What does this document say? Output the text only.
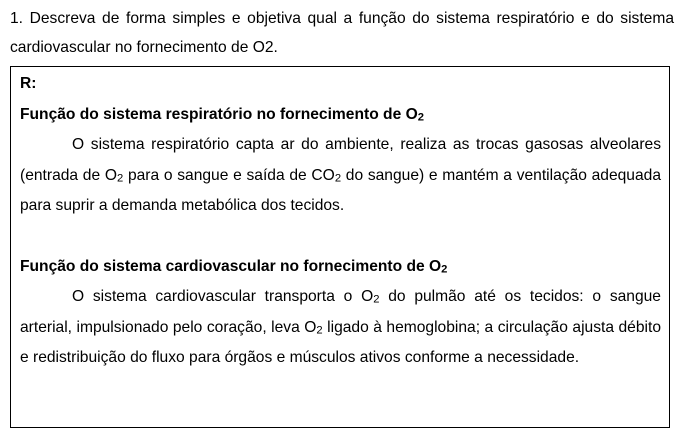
1. Descreva de forma simples e objetiva qual a função do sistema respiratório e do sistema cardiovascular no fornecimento de O2.

R:

Função do sistema respiratório no fornecimento de $O_2$

O sistema respiratório capta ar do ambiente, realiza as trocas gasosas alveolares (entrada de $O_2$ para o sangue e saída de $CO_2$ do sangue) e mantém a ventilação adequada para suprir a demanda metabólica dos tecidos.

Função do sistema cardiovascular no fornecimento de $O_2$

O sistema cardiovascular transporta o $O_2$ do pulmão até os tecidos: o sangue arterial, impulsionado pelo coração, leva $O_2$ ligado à hemoglobina; a circulação ajusta débito e redistribuição do fluxo para órgãos e músculos ativos conforme a necessidade.
